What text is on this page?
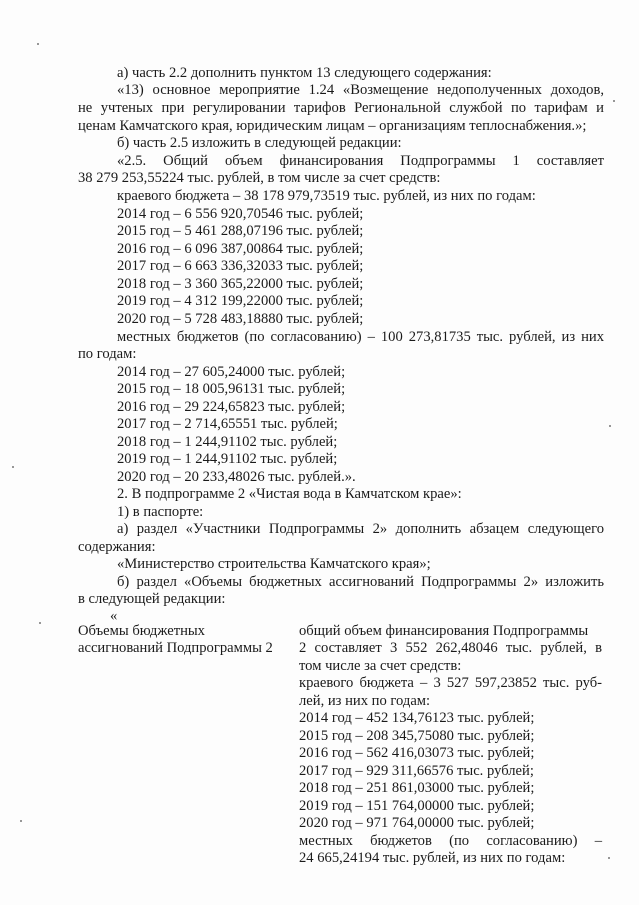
а) часть 2.2 дополнить пунктом 13 следующего содержания:
«13) основное мероприятие 1.24 «Возмещение недополученных доходов,
не учтеных при регулировании тарифов Региональной службой по тарифам и
ценам Камчатского края, юридическим лицам – организациям теплоснабжения.»;
б) часть 2.5 изложить в следующей редакции:
«2.5. Общий объем финансирования Подпрограммы 1 составляет
38 279 253,55224 тыс. рублей, в том числе за счет средств:
краевого бюджета – 38 178 979,73519 тыс. рублей, из них по годам:
2014 год – 6 556 920,70546 тыс. рублей;
2015 год – 5 461 288,07196 тыс. рублей;
2016 год – 6 096 387,00864 тыс. рублей;
2017 год – 6 663 336,32033 тыс. рублей;
2018 год – 3 360 365,22000 тыс. рублей;
2019 год – 4 312 199,22000 тыс. рублей;
2020 год – 5 728 483,18880 тыс. рублей;
местных бюджетов (по согласованию) – 100 273,81735 тыс. рублей, из них
по годам:
2014 год – 27 605,24000 тыс. рублей;
2015 год – 18 005,96131 тыс. рублей;
2016 год – 29 224,65823 тыс. рублей;
2017 год – 2 714,65551 тыс. рублей;
2018 год – 1 244,91102 тыс. рублей;
2019 год – 1 244,91102 тыс. рублей;
2020 год – 20 233,48026 тыс. рублей.».
2. В подпрограмме 2 «Чистая вода в Камчатском крае»:
1) в паспорте:
а) раздел «Участники Подпрограммы 2» дополнить абзацем следующего
содержания:
«Министерство строительства Камчатского края»;
б) раздел «Объемы бюджетных ассигнований Подпрограммы 2» изложить
в следующей редакции:
«
Объемы бюджетных
ассигнований Подпрограммы 2
общий объем финансирования Подпрограммы
2 составляет 3 552 262,48046 тыс. рублей, в
том числе за счет средств:
краевого бюджета – 3 527 597,23852 тыс. руб-
лей, из них по годам:
2014 год – 452 134,76123 тыс. рублей;
2015 год – 208 345,75080 тыс. рублей;
2016 год – 562 416,03073 тыс. рублей;
2017 год – 929 311,66576 тыс. рублей;
2018 год – 251 861,03000 тыс. рублей;
2019 год – 151 764,00000 тыс. рублей;
2020 год – 971 764,00000 тыс. рублей;
местных бюджетов (по согласованию) –
24 665,24194 тыс. рублей, из них по годам:
